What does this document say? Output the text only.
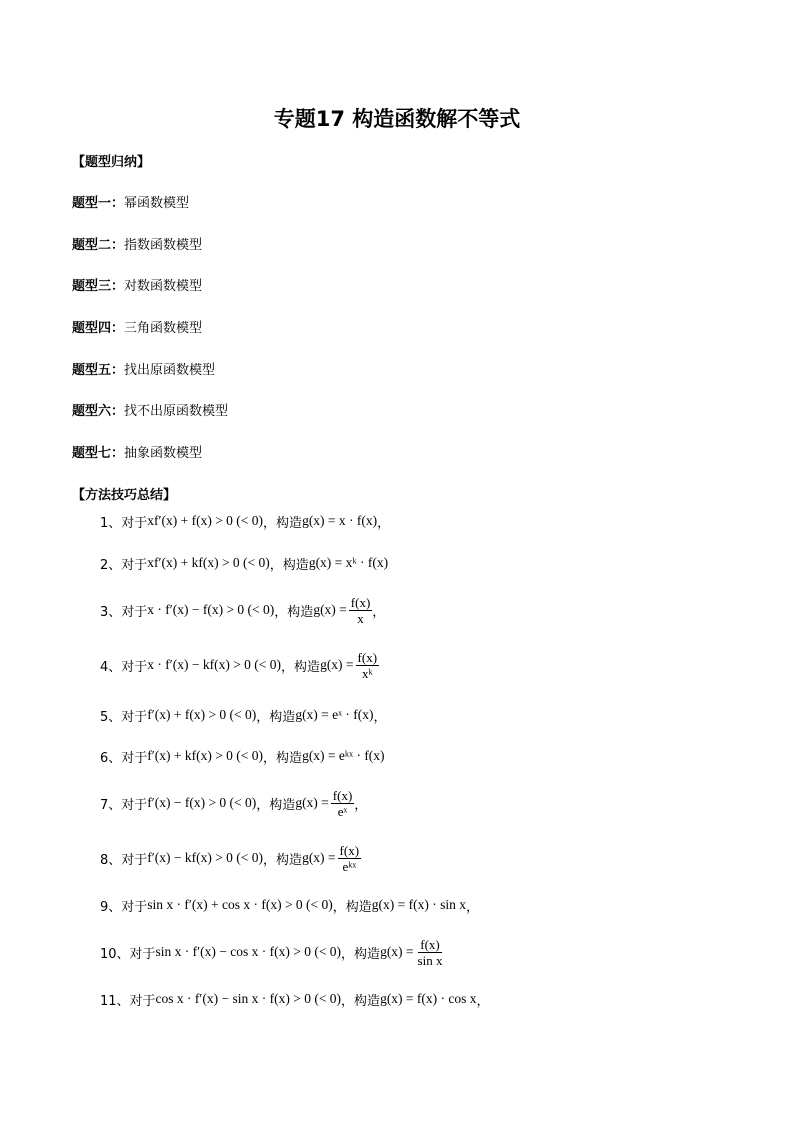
专题17 构造函数解不等式
【题型归纳】
题型一：幂函数模型
题型二：指数函数模型
题型三：对数函数模型
题型四：三角函数模型
题型五：找出原函数模型
题型六：找不出原函数模型
题型七：抽象函数模型
【方法技巧总结】
1、对于 xf′(x) + f(x) > 0 (< 0) ，构造 g(x) = x · f(x) ，
2、对于 xf′(x) + kf(x) > 0 (< 0) ，构造 g(x) = xᵏ · f(x)
3、对于 x · f′(x) − f(x) > 0 (< 0) ，构造 $g(x) = \frac{f(x)}{x}$ ，
4、对于 x · f′(x) − kf(x) > 0 (< 0) ，构造 $g(x) = \frac{f(x)}{\text{xᵏ}}$
5、对于 f′(x) + f(x) > 0 (< 0) ，构造 g(x) = eˣ · f(x) ，
6、对于 f′(x) + kf(x) > 0 (< 0) ，构造 g(x) = eᵏˣ · f(x)
7、对于 f′(x) − f(x) > 0 (< 0) ，构造 $g(x) = \frac{f(x)}{\text{eˣ}}$ ，
8、对于 f′(x) − kf(x) > 0 (< 0) ，构造 $g(x) = \frac{f(x)}{\text{eᵏˣ}}$
9、对于 sin x · f′(x) + cos x · f(x) > 0 (< 0) ，构造 g(x) = f(x) · sin x ，
10、对于 sin x · f′(x) − cos x · f(x) > 0 (< 0) ，构造 $g(x) = \frac{f(x)}{\text{sin x}}$
11、对于 cos x · f′(x) − sin x · f(x) > 0 (< 0) ，构造 g(x) = f(x) · cos x ，
